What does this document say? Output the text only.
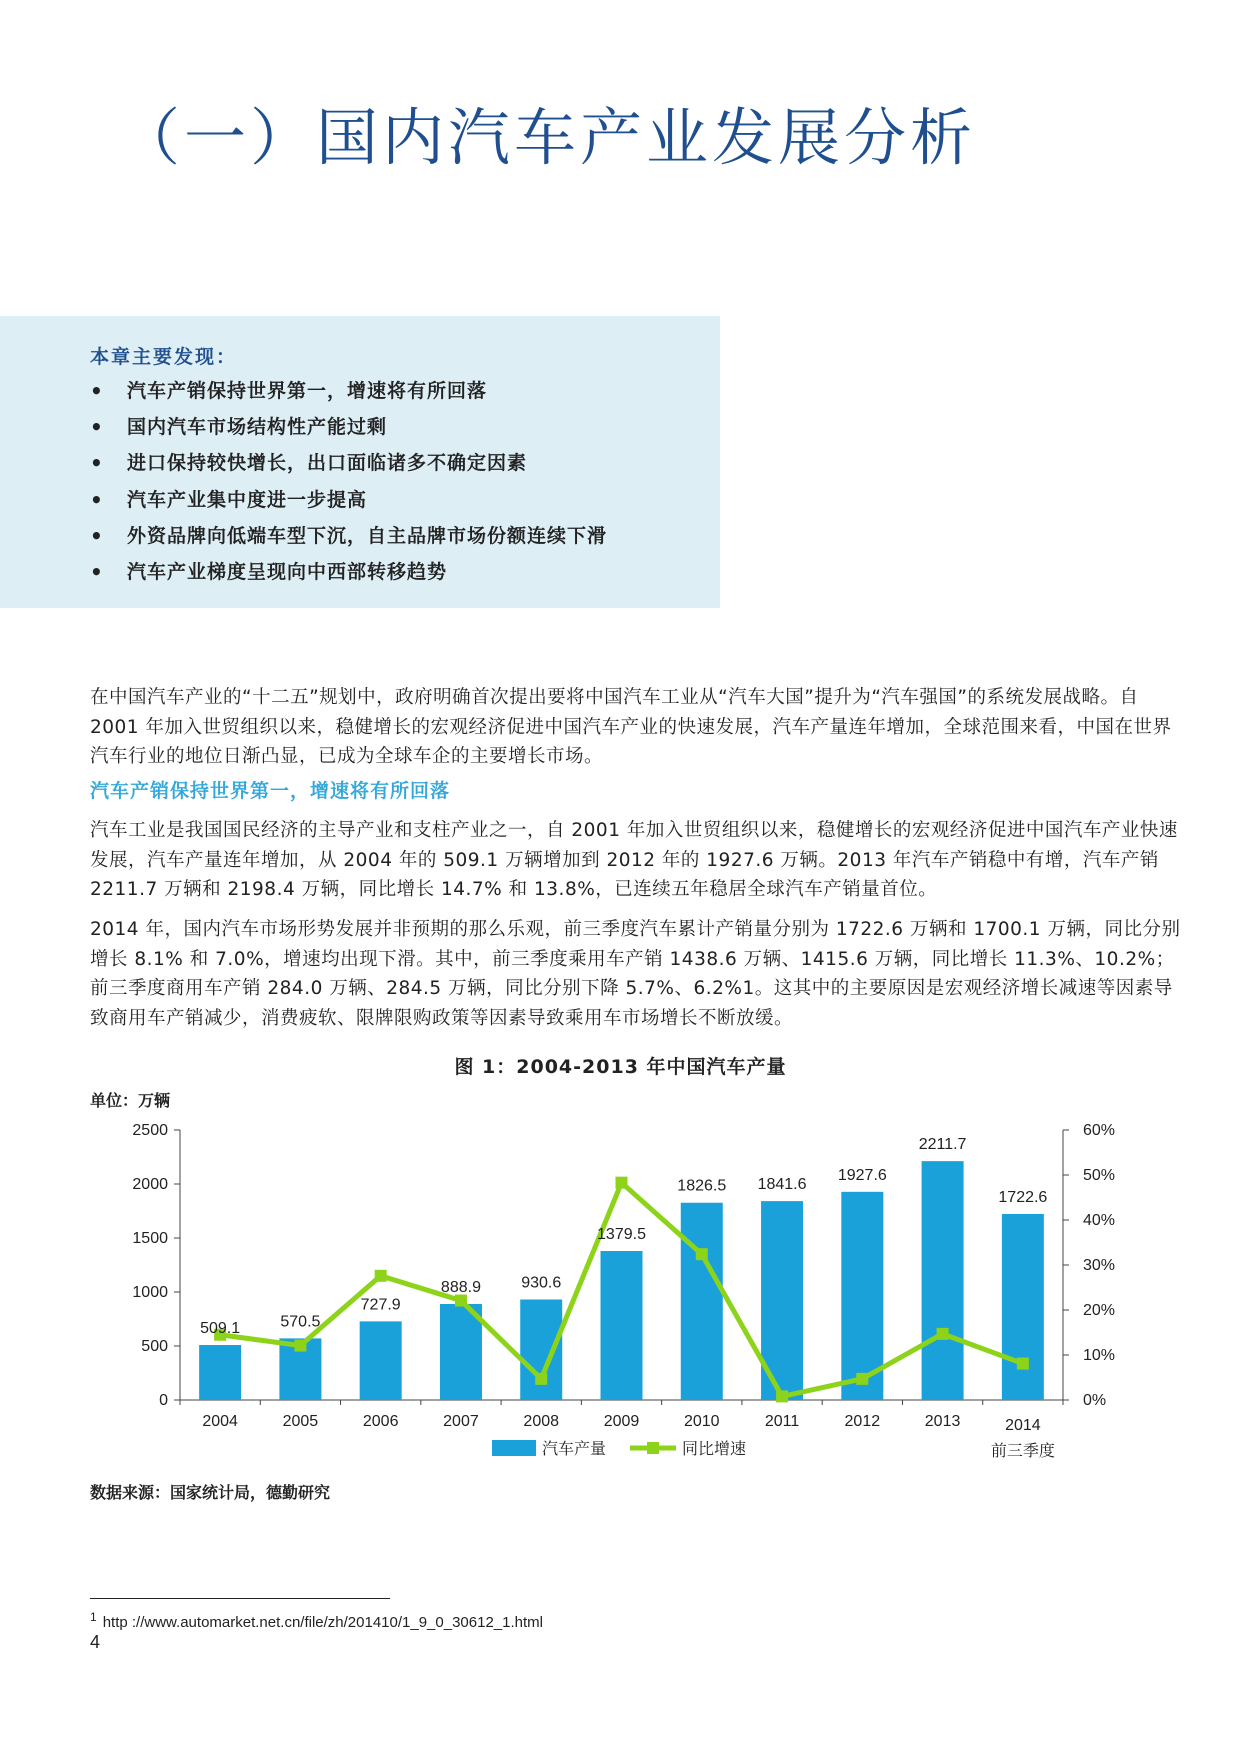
（一）国内汽车产业发展分析
本章主要发现：
• 汽车产销保持世界第一，增速将有所回落
• 国内汽车市场结构性产能过剩
• 进口保持较快增长，出口面临诸多不确定因素
• 汽车产业集中度进一步提高
• 外资品牌向低端车型下沉，自主品牌市场份额连续下滑
• 汽车产业梯度呈现向中西部转移趋势

在中国汽车产业的“十二五”规划中，政府明确首次提出要将中国汽车工业从“汽车大国”提升为“汽车强国”的系统发展战略。自 2001 年加入世贸组织以来，稳健增长的宏观经济促进中国汽车产业的快速发展，汽车产量连年增加，全球范围来看，中国在世界汽车行业的地位日渐凸显，已成为全球车企的主要增长市场。

汽车产销保持世界第一，增速将有所回落

汽车工业是我国国民经济的主导产业和支柱产业之一，自 2001 年加入世贸组织以来，稳健增长的宏观经济促进中国汽车产业快速发展，汽车产量连年增加，从 2004 年的 509.1 万辆增加到 2012 年的 1927.6 万辆。2013 年汽车产销稳中有增，汽车产销 2211.7 万辆和 2198.4 万辆，同比增长 14.7% 和 13.8%，已连续五年稳居全球汽车产销量首位。

2014 年，国内汽车市场形势发展并非预期的那么乐观，前三季度汽车累计产销量分别为 1722.6 万辆和 1700.1 万辆，同比分别增长 8.1% 和 7.0%，增速均出现下滑。其中，前三季度乘用车产销 1438.6 万辆、1415.6 万辆，同比增长 11.3%、10.2%；前三季度商用车产销 284.0 万辆、284.5 万辆，同比分别下降 5.7%、6.2%1。这其中的主要原因是宏观经济增长减速等因素导致商用车产销减少，消费疲软、限牌限购政策等因素导致乘用车市场增长不断放缓。

图 1：2004-2013 年中国汽车产量
单位：万辆
0
500
1000
1500
2000
2500
0%
10%
20%
30%
40%
50%
60%
2004	2005	2006	2007	2008	2009	2010	2011	2012	2013	2014
前三季度
509.1	570.5
727.9
888.9	930.6
1379.5
1826.5 1841.6
1927.6
2211.7
1722.6
汽车产量	同比增速
数据来源：国家统计局，德勤研究
$^1$ http ://www.automarket.net.cn/file/zh/201410/1_9_0_30612_1.html
4
